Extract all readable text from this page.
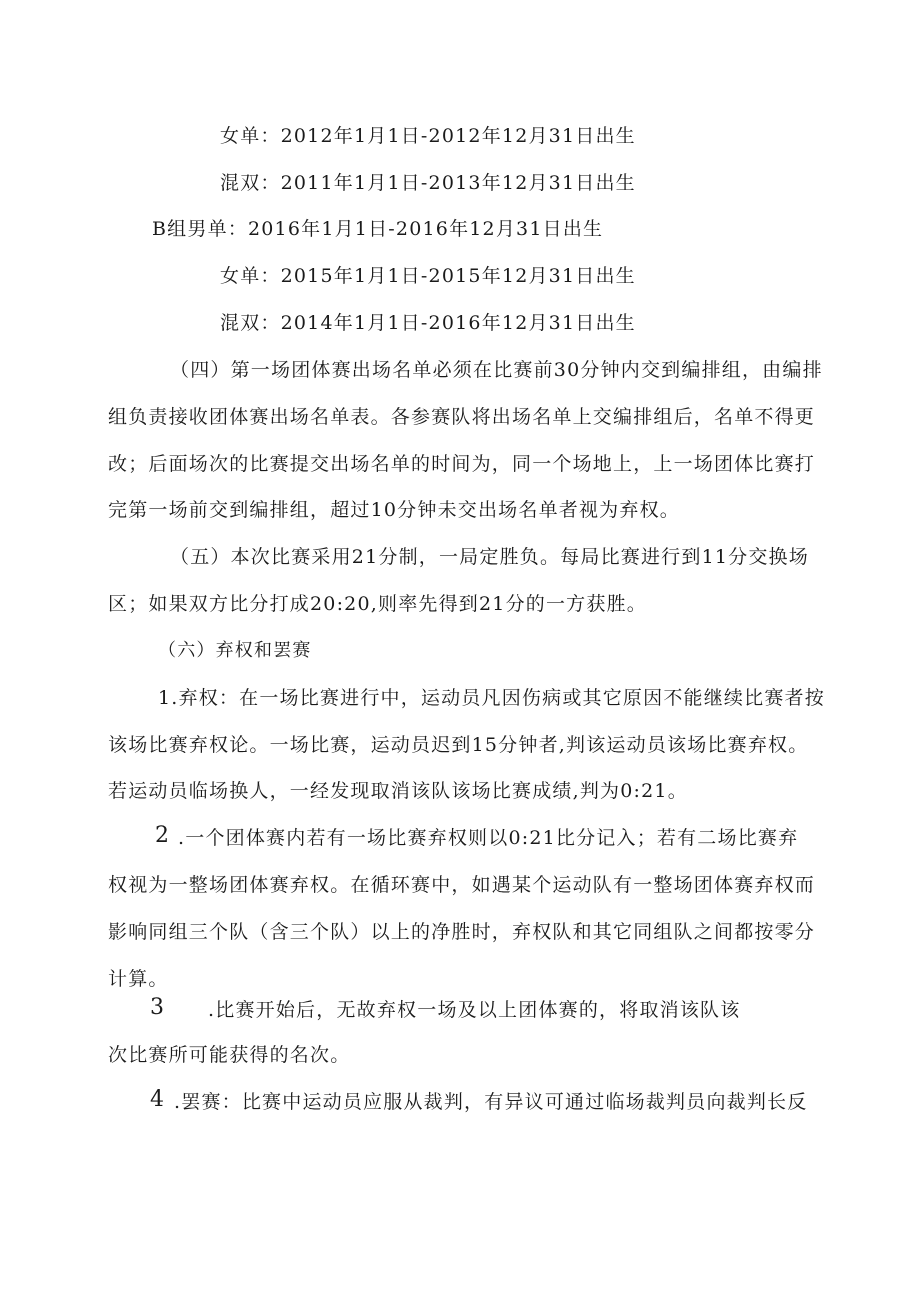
女单：2012年1月1日-2012年12月31日出生
混双：2011年1月1日-2013年12月31日出生
B组男单：2016年1月1日-2016年12月31日出生
女单：2015年1月1日-2015年12月31日出生
混双：2014年1月1日-2016年12月31日出生
（四）第一场团体赛出场名单必须在比赛前30分钟内交到编排组，由编排
组负责接收团体赛出场名单表。各参赛队将出场名单上交编排组后，名单不得更
改；后面场次的比赛提交出场名单的时间为，同一个场地上，上一场团体比赛打
完第一场前交到编排组，超过10分钟未交出场名单者视为弃权。
（五）本次比赛采用21分制，一局定胜负。每局比赛进行到11分交换场
区；如果双方比分打成20:20,则率先得到21分的一方获胜。
（六）弃权和罢赛
1.弃权：在一场比赛进行中，运动员凡因伤病或其它原因不能继续比赛者按
该场比赛弃权论。一场比赛，运动员迟到15分钟者,判该运动员该场比赛弃权。
若运动员临场换人，一经发现取消该队该场比赛成绩,判为0:21。
2 .一个团体赛内若有一场比赛弃权则以0:21比分记入；若有二场比赛弃
权视为一整场团体赛弃权。在循环赛中，如遇某个运动队有一整场团体赛弃权而
影响同组三个队（含三个队）以上的净胜时，弃权队和其它同组队之间都按零分
计算。
3 .比赛开始后，无故弃权一场及以上团体赛的，将取消该队该
次比赛所可能获得的名次。
4 .罢赛：比赛中运动员应服从裁判，有异议可通过临场裁判员向裁判长反
